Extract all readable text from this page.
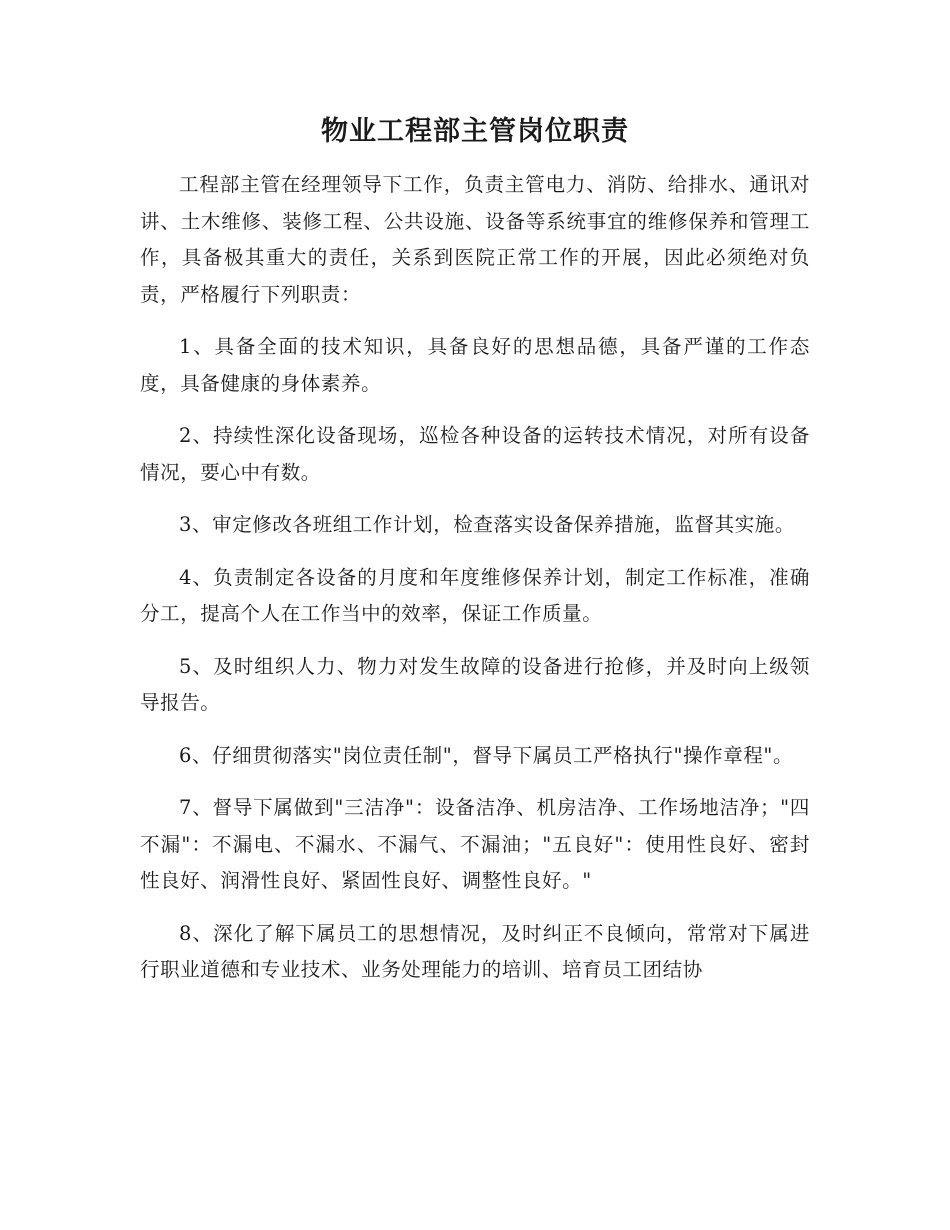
物业工程部主管岗位职责

工程部主管在经理领导下工作，负责主管电力、消防、给排水、通讯对讲、土木维修、装修工程、公共设施、设备等系统事宜的维修保养和管理工作，具备极其重大的责任，关系到医院正常工作的开展，因此必须绝对负责，严格履行下列职责：

1、具备全面的技术知识，具备良好的思想品德，具备严谨的工作态度，具备健康的身体素养。

2、持续性深化设备现场，巡检各种设备的运转技术情况，对所有设备情况，要心中有数。

3、审定修改各班组工作计划，检查落实设备保养措施，监督其实施。

4、负责制定各设备的月度和年度维修保养计划，制定工作标准，准确分工，提高个人在工作当中的效率，保证工作质量。

5、及时组织人力、物力对发生故障的设备进行抢修，并及时向上级领导报告。

6、仔细贯彻落实"岗位责任制"，督导下属员工严格执行"操作章程"。

7、督导下属做到"三洁净"：设备洁净、机房洁净、工作场地洁净；"四不漏"：不漏电、不漏水、不漏气、不漏油；"五良好"：使用性良好、密封性良好、润滑性良好、紧固性良好、调整性良好。"

8、深化了解下属员工的思想情况，及时纠正不良倾向，常常对下属进行职业道德和专业技术、业务处理能力的培训、培育员工团结协
